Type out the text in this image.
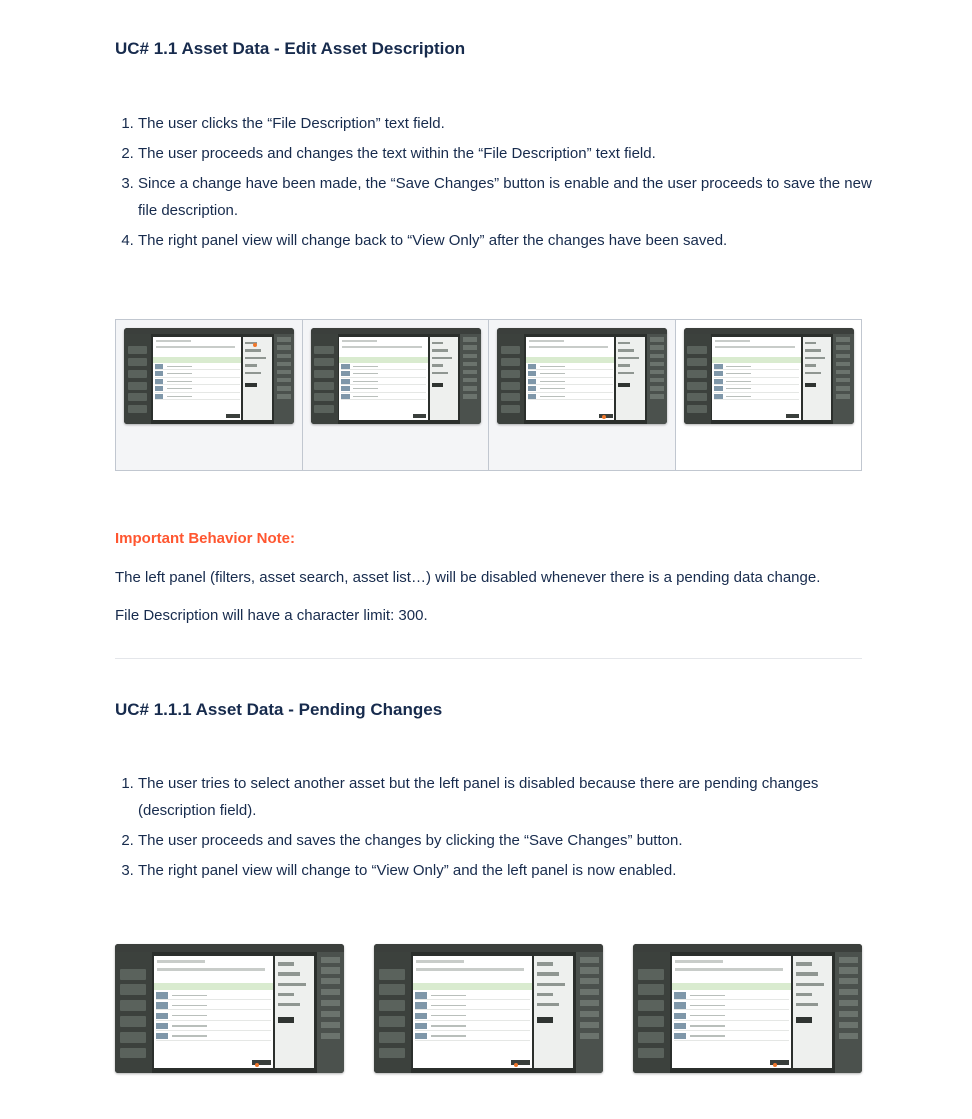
UC# 1.1 Asset Data - Edit Asset Description
1. The user clicks the “File Description” text field.
2. The user proceeds and changes the text within the “File Description” text field.
3. Since a change have been made, the “Save Changes” button is enable and the user proceeds to save the new file description.
4. The right panel view will change back to “View Only” after the changes have been saved.
Important Behavior Note:
The left panel (filters, asset search, asset list…) will be disabled whenever there is a pending data change.
File Description will have a character limit: 300.
UC# 1.1.1 Asset Data - Pending Changes
1. The user tries to select another asset but the left panel is disabled because there are pending changes (description field).
2. The user proceeds and saves the changes by clicking the “Save Changes” button.
3. The right panel view will change to “View Only” and the left panel is now enabled.
